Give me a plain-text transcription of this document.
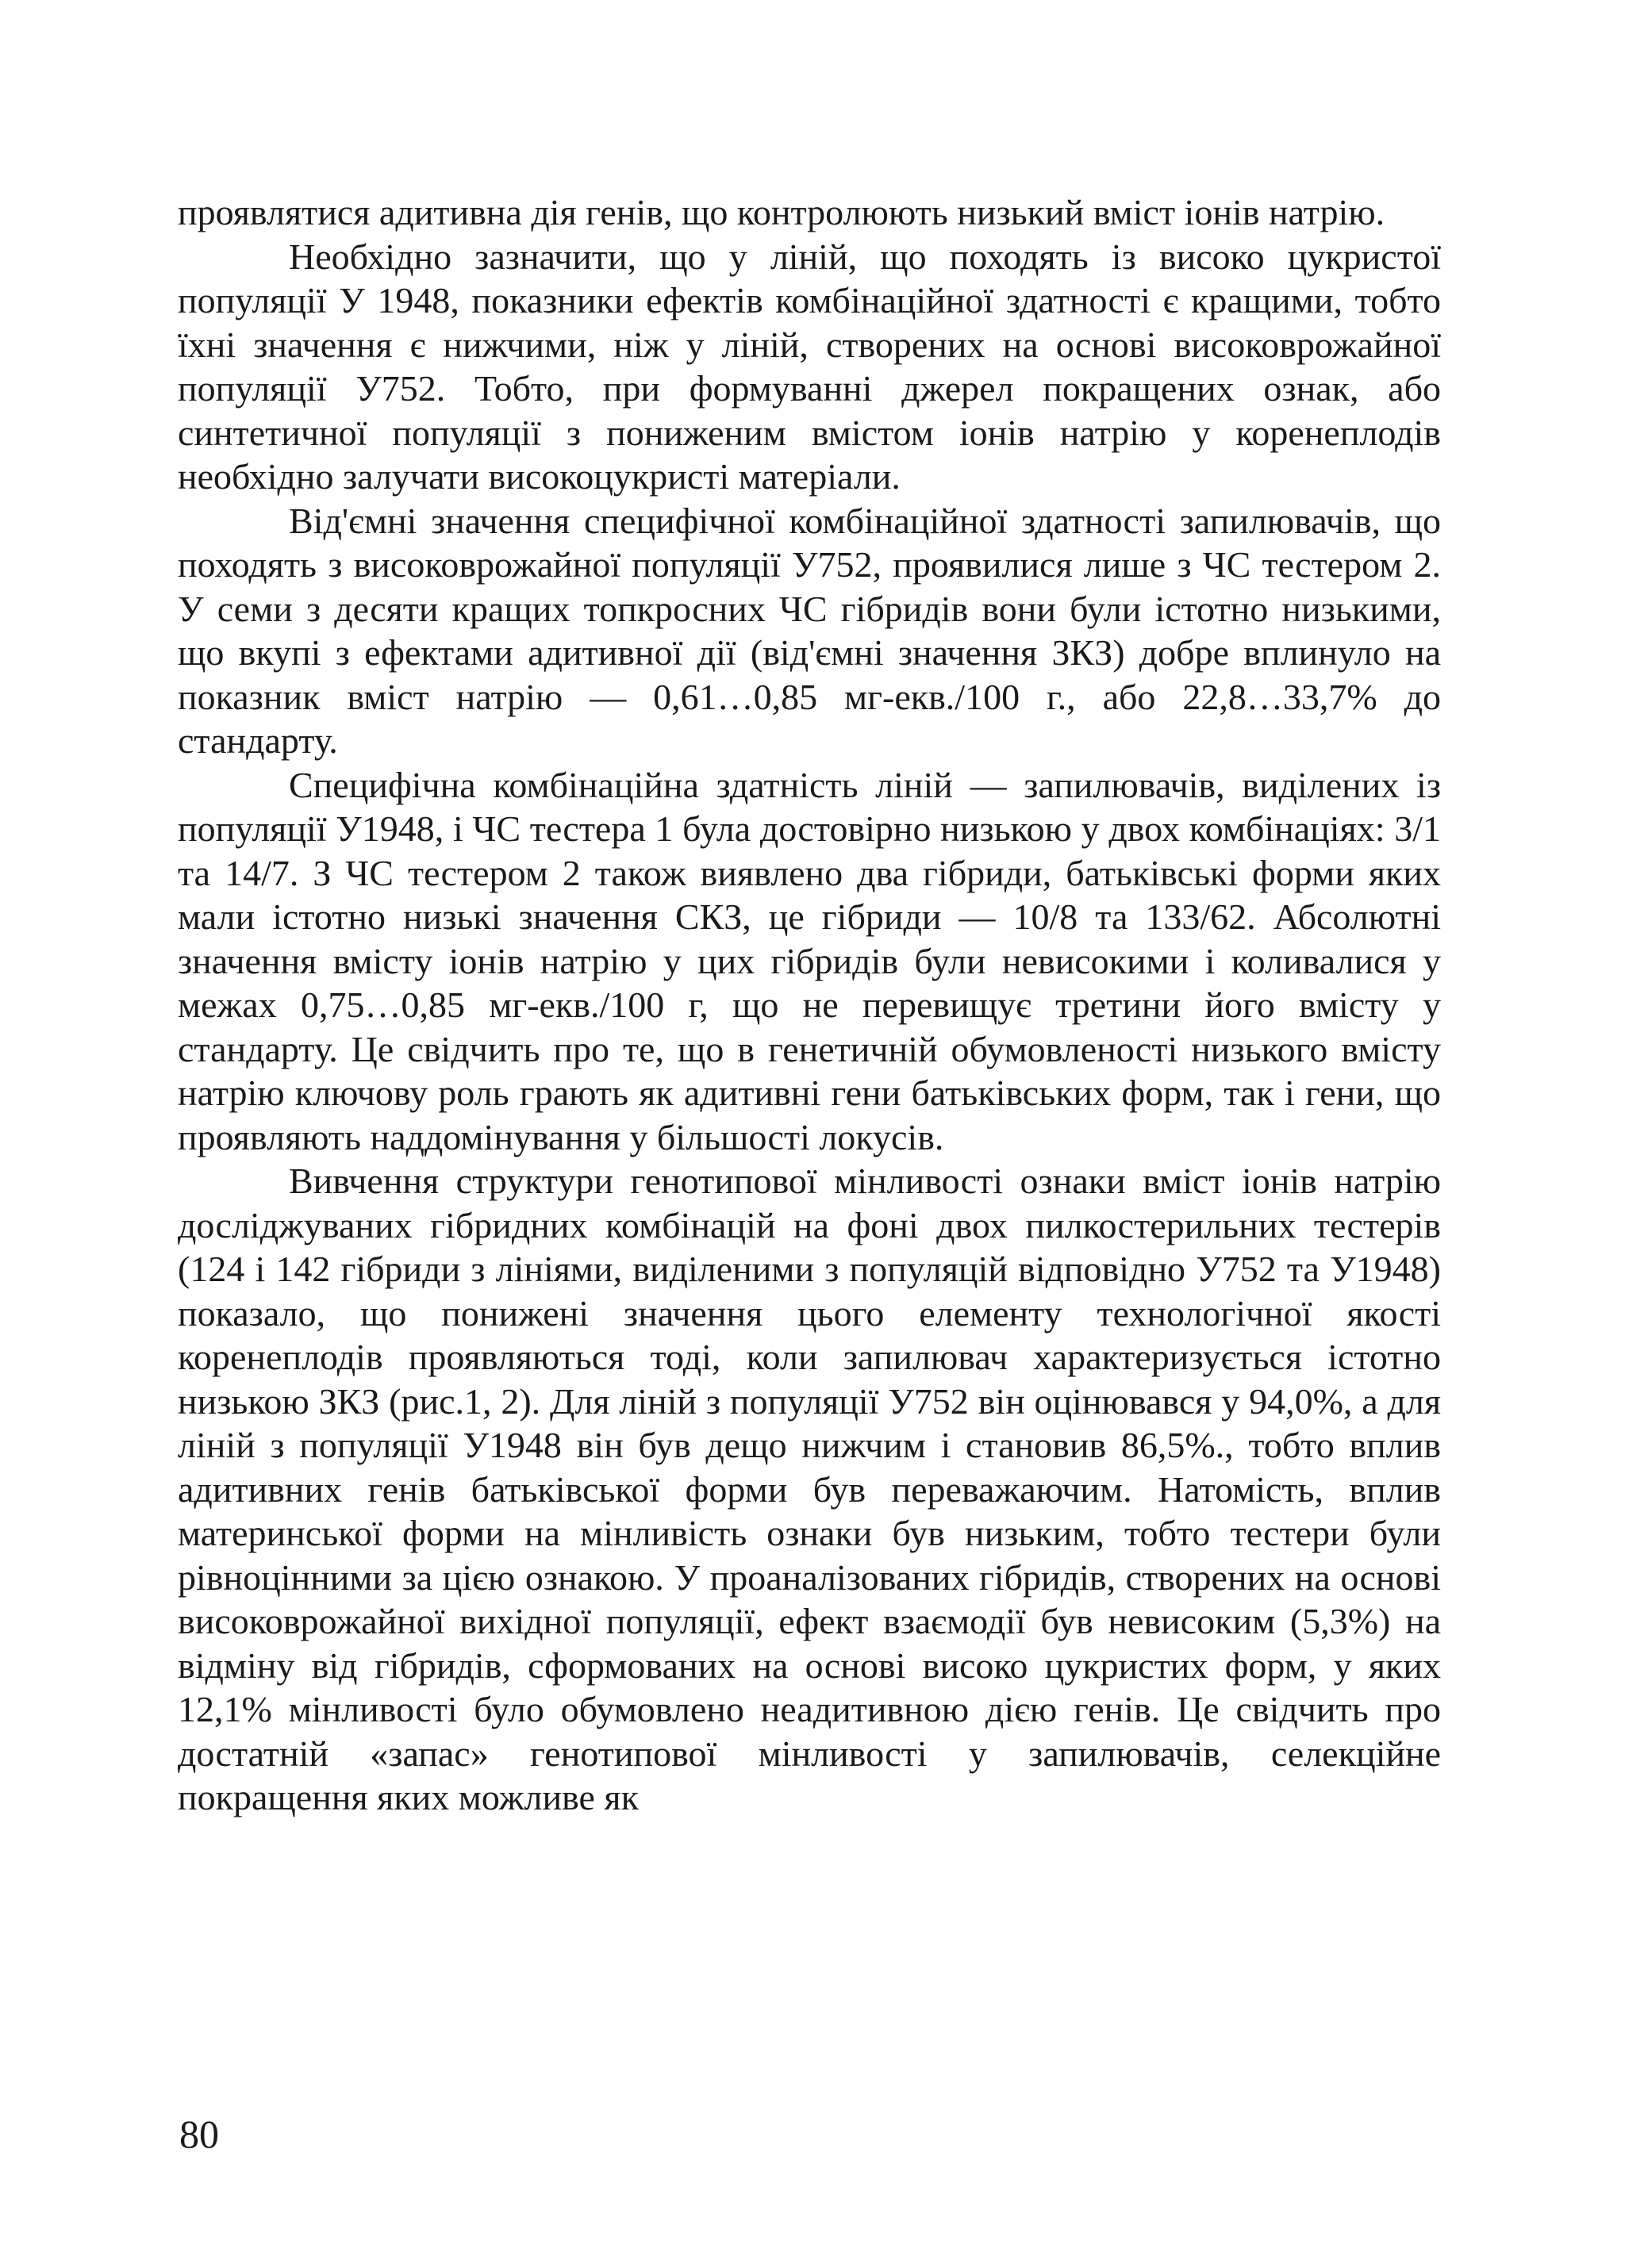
проявлятися адитивна дія генів, що контролюють низький вміст іонів натрію.

Необхідно зазначити, що у ліній, що походять із високо цукристої популяції У 1948, показники ефектів комбінаційної здатності є кращими, тобто їхні значення є нижчими, ніж у ліній, створених на основі високоврожайної популяції У752. Тобто, при формуванні джерел покращених ознак, або синтетичної популяції з пониженим вмістом іонів натрію у коренеплодів необхідно залучати високоцукристі матеріали.

Від'ємні значення специфічної комбінаційної здатності запилювачів, що походять з високоврожайної популяції У752, проявилися лише з ЧС тестером 2. У семи з десяти кращих топкросних ЧС гібридів вони були істотно низькими, що вкупі з ефектами адитивної дії (від'ємні значення ЗКЗ) добре вплинуло на показник вміст натрію — 0,61…0,85 мг-екв./100 г., або 22,8…33,7% до стандарту.

Специфічна комбінаційна здатність ліній — запилювачів, виділених із популяції У1948, і ЧС тестера 1 була достовірно низькою у двох комбінаціях: 3/1 та 14/7. З ЧС тестером 2 також виявлено два гібриди, батьківські форми яких мали істотно низькі значення СКЗ, це гібриди — 10/8 та 133/62. Абсолютні значення вмісту іонів натрію у цих гібридів були невисокими і коливалися у межах 0,75…0,85 мг-екв./100 г, що не перевищує третини його вмісту у стандарту. Це свідчить про те, що в генетичній обумовленості низького вмісту натрію ключову роль грають як адитивні гени батьківських форм, так і гени, що проявляють наддомінування у більшості локусів.

Вивчення структури генотипової мінливості ознаки вміст іонів натрію досліджуваних гібридних комбінацій на фоні двох пилкостерильних тестерів (124 і 142 гібриди з лініями, виділеними з популяцій відповідно У752 та У1948) показало, що понижені значення цього елементу технологічної якості коренеплодів проявляються тоді, коли запилювач характеризується істотно низькою ЗКЗ (рис.1, 2). Для ліній з популяції У752 він оцінювався у 94,0%, а для ліній з популяції У1948 він був дещо нижчим і становив 86,5%., тобто вплив адитивних генів батьківської форми був переважаючим. Натомість, вплив материнської форми на мінливість ознаки був низьким, тобто тестери були рівноцінними за цією ознакою. У проаналізованих гібридів, створених на основі високоврожайної вихідної популяції, ефект взаємодії був невисоким (5,3%) на відміну від гібридів, сформованих на основі високо цукристих форм, у яких 12,1% мінливості було обумовлено неадитивною дією генів. Це свідчить про достатній «запас» генотипової мінливості у запилювачів, селекційне покращення яких можливе як

80
